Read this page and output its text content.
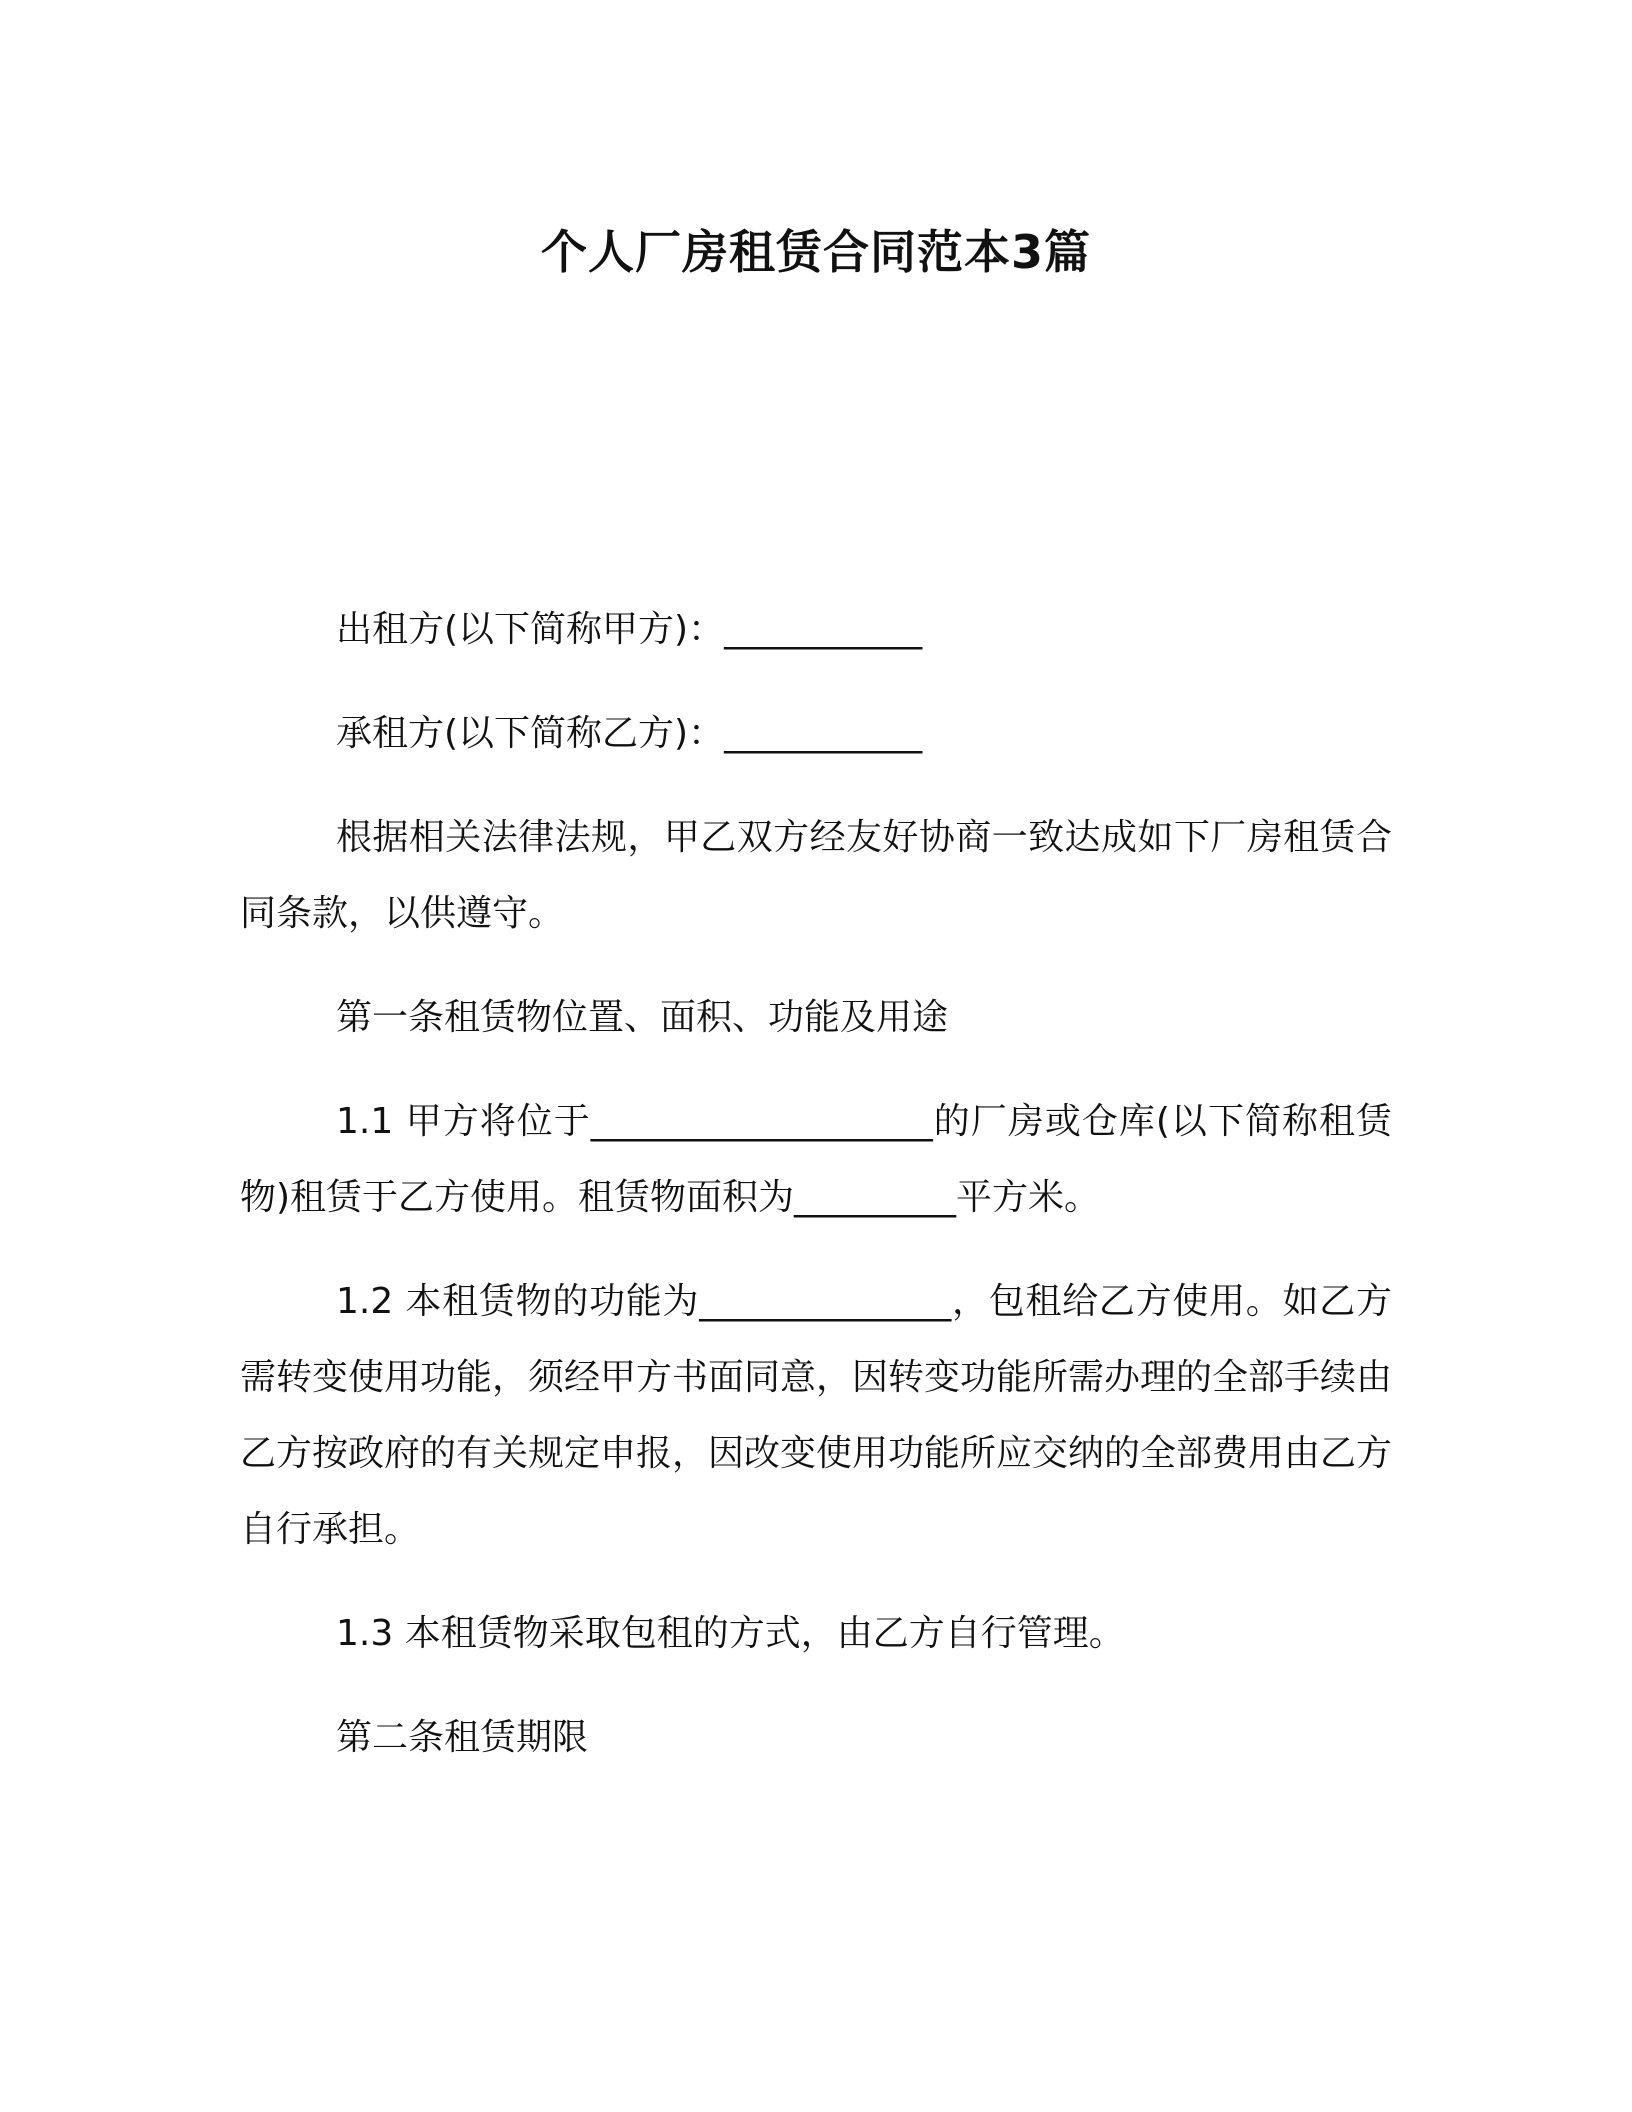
个人厂房租赁合同范本3篇

出租方(以下简称甲方)：___________

承租方(以下简称乙方)：___________

根据相关法律法规，甲乙双方经友好协商一致达成如下厂房租赁合同条款，以供遵守。

第一条租赁物位置、面积、功能及用途

1.1 甲方将位于___________________的厂房或仓库(以下简称租赁物)租赁于乙方使用。租赁物面积为_________平方米。

1.2 本租赁物的功能为______________，包租给乙方使用。如乙方需转变使用功能，须经甲方书面同意，因转变功能所需办理的全部手续由乙方按政府的有关规定申报，因改变使用功能所应交纳的全部费用由乙方自行承担。

1.3 本租赁物采取包租的方式，由乙方自行管理。

第二条租赁期限
